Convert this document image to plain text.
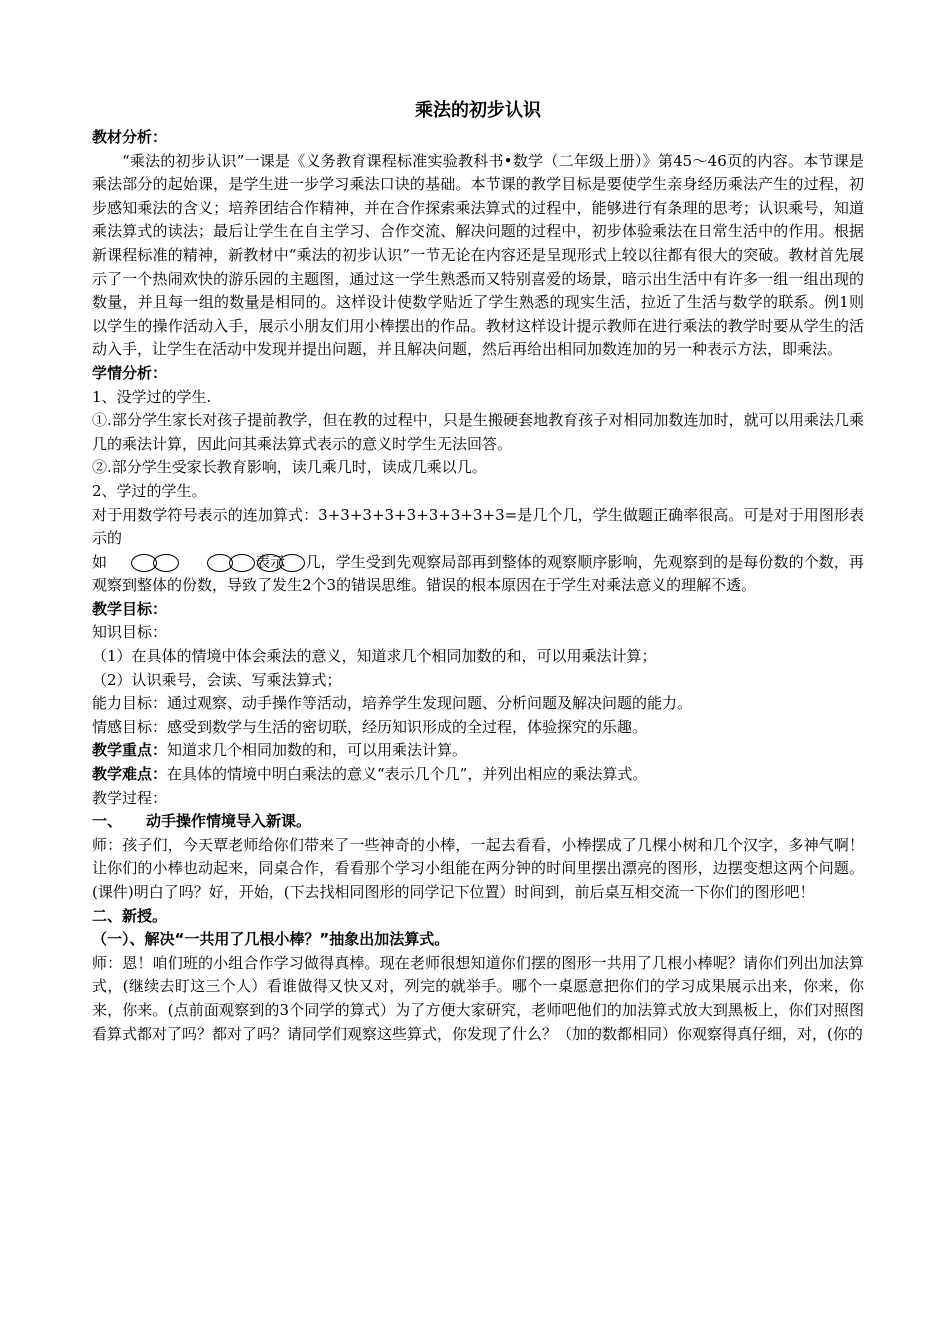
乘法的初步认识

教材分析：

“乘法的初步认识”一课是《义务教育课程标准实验教科书•数学（二年级上册）》第45～46页的内容。本节课是乘法部分的起始课，是学生进一步学习乘法口诀的基础。本节课的教学目标是要使学生亲身经历乘法产生的过程，初步感知乘法的含义；培养团结合作精神，并在合作探索乘法算式的过程中，能够进行有条理的思考；认识乘号，知道乘法算式的读法；最后让学生在自主学习、合作交流、解决问题的过程中，初步体验乘法在日常生活中的作用。根据新课程标准的精神，新教材中“乘法的初步认识”一节无论在内容还是呈现形式上较以往都有很大的突破。教材首先展示了一个热闹欢快的游乐园的主题图，通过这一学生熟悉而又特别喜爱的场景，暗示出生活中有许多一组一组出现的数量，并且每一组的数量是相同的。这样设计使数学贴近了学生熟悉的现实生活，拉近了生活与数学的联系。例1则以学生的操作活动入手，展示小朋友们用小棒摆出的作品。教材这样设计提示教师在进行乘法的教学时要从学生的活动入手，让学生在活动中发现并提出问题，并且解决问题，然后再给出相同加数连加的另一种表示方法，即乘法。

学情分析：

1、没学过的学生.

①.部分学生家长对孩子提前教学，但在教的过程中，只是生搬硬套地教育孩子对相同加数连加时，就可以用乘法几乘几的乘法计算，因此问其乘法算式表示的意义时学生无法回答。

②.部分学生受家长教育影响，读几乘几时，读成几乘以几。

2、学过的学生。

对于用数学符号表示的连加算式：3+3+3+3+3+3+3+3+3=是几个几，学生做题正确率很高。可是对于用图形表示的

如	表示 几，学生受到先观察局部再到整体的观察顺序影响，先观察到的是每份数的个数，再观察到整体的份数，导致了发生2个3的错误思维。错误的根本原因在于学生对乘法意义的理解不透。

教学目标：

知识目标：

（1）在具体的情境中体会乘法的意义，知道求几个相同加数的和，可以用乘法计算；

（2）认识乘号，会读、写乘法算式；

能力目标：通过观察、动手操作等活动，培养学生发现问题、分析问题及解决问题的能力。

情感目标：感受到数学与生活的密切联，经历知识形成的全过程，体验探究的乐趣。

教学重点：知道求几个相同加数的和，可以用乘法计算。

教学难点：在具体的情境中明白乘法的意义“表示几个几”，并列出相应的乘法算式。

教学过程：

一、 动手操作情境导入新课。

师：孩子们，今天覃老师给你们带来了一些神奇的小棒，一起去看看，小棒摆成了几棵小树和几个汉字，多神气啊！让你们的小棒也动起来，同桌合作，看看那个学习小组能在两分钟的时间里摆出漂亮的图形，边摆变想这两个问题。(课件)明白了吗？好，开始，(下去找相同图形的同学记下位置）时间到，前后桌互相交流一下你们的图形吧！

二、新授。

（一）、解决“一共用了几根小棒？”抽象出加法算式。

师：恩！咱们班的小组合作学习做得真棒。现在老师很想知道你们摆的图形一共用了几根小棒呢？请你们列出加法算式，(继续去盯这三个人）看谁做得又快又对，列完的就举手。哪个一桌愿意把你们的学习成果展示出来，你来，你来，你来。(点前面观察到的3个同学的算式）为了方便大家研究，老师吧他们的加法算式放大到黑板上，你们对照图看算式都对了吗？都对了吗？请同学们观察这些算式，你发现了什么？（加的数都相同）你观察得真仔细，对，(你的
